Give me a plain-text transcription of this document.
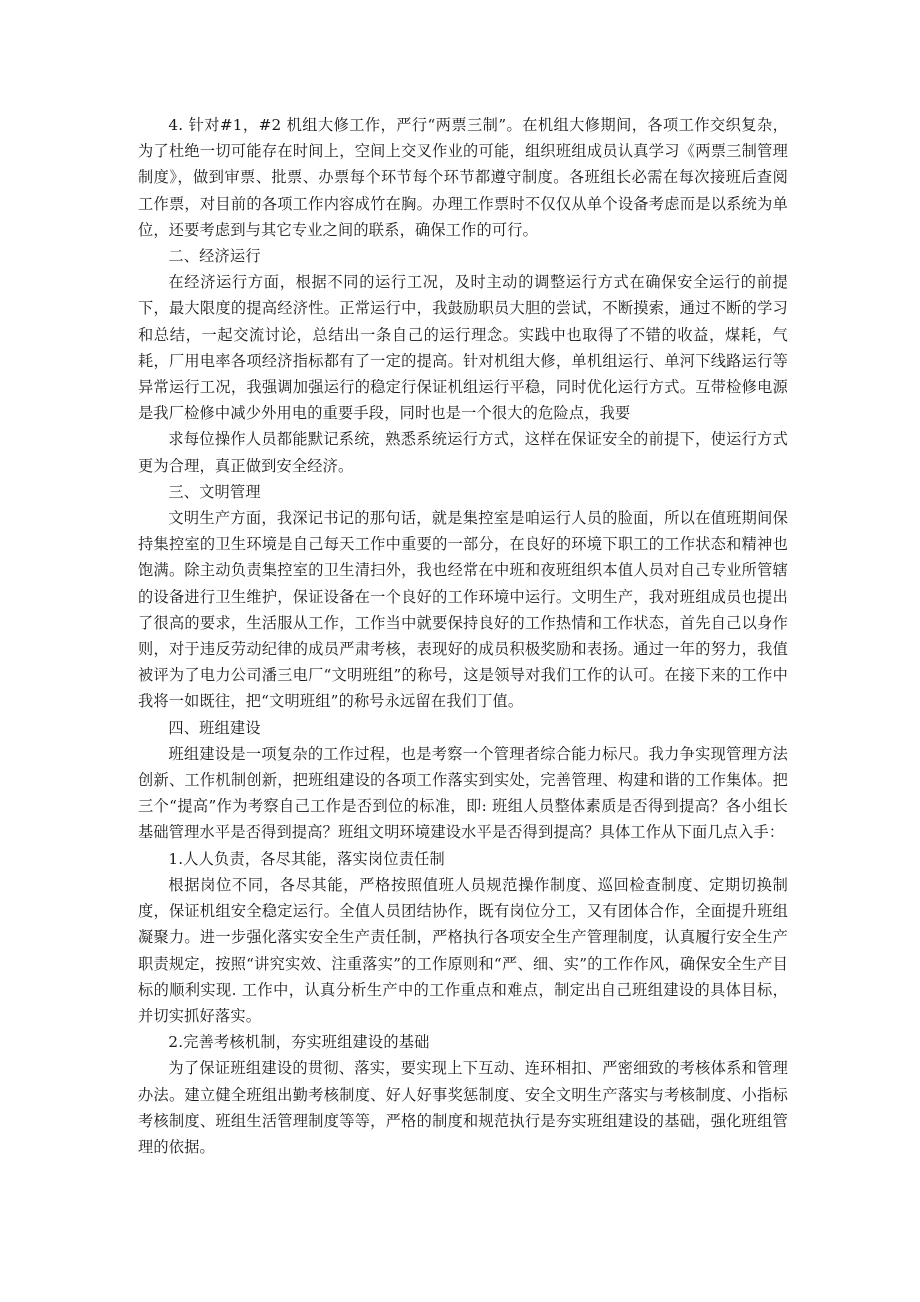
4. 针对#1，#2 机组大修工作，严行“两票三制”。在机组大修期间，各项工作交织复杂，为了杜绝一切可能存在时间上，空间上交叉作业的可能，组织班组成员认真学习《两票三制管理制度》，做到审票、批票、办票每个环节每个环节都遵守制度。各班组长必需在每次接班后查阅工作票，对目前的各项工作内容成竹在胸。办理工作票时不仅仅从单个设备考虑而是以系统为单位，还要考虑到与其它专业之间的联系，确保工作的可行。

二、经济运行

在经济运行方面，根据不同的运行工况，及时主动的调整运行方式在确保安全运行的前提下，最大限度的提高经济性。正常运行中，我鼓励职员大胆的尝试，不断摸索，通过不断的学习和总结，一起交流讨论，总结出一条自己的运行理念。实践中也取得了不错的收益，煤耗，气耗，厂用电率各项经济指标都有了一定的提高。针对机组大修，单机组运行、单河下线路运行等异常运行工况，我强调加强运行的稳定行保证机组运行平稳，同时优化运行方式。互带检修电源是我厂检修中减少外用电的重要手段，同时也是一个很大的危险点，我要

求每位操作人员都能默记系统，熟悉系统运行方式，这样在保证安全的前提下，使运行方式更为合理，真正做到安全经济。

三、文明管理

文明生产方面，我深记书记的那句话，就是集控室是咱运行人员的脸面，所以在值班期间保持集控室的卫生环境是自己每天工作中重要的一部分，在良好的环境下职工的工作状态和精神也饱满。除主动负责集控室的卫生清扫外，我也经常在中班和夜班组织本值人员对自己专业所管辖的设备进行卫生维护，保证设备在一个良好的工作环境中运行。文明生产，我对班组成员也提出了很高的要求，生活服从工作，工作当中就要保持良好的工作热情和工作状态，首先自己以身作则，对于违反劳动纪律的成员严肃考核，表现好的成员积极奖励和表扬。通过一年的努力，我值被评为了电力公司潘三电厂“文明班组”的称号，这是领导对我们工作的认可。在接下来的工作中我将一如既往，把“文明班组”的称号永远留在我们丁值。

四、班组建设

班组建设是一项复杂的工作过程，也是考察一个管理者综合能力标尺。我力争实现管理方法创新、工作机制创新，把班组建设的各项工作落实到实处，完善管理、构建和谐的工作集体。把三个“提高”作为考察自己工作是否到位的标准，即: 班组人员整体素质是否得到提高？各小组长基础管理水平是否得到提高？班组文明环境建设水平是否得到提高？具体工作从下面几点入手：

1.人人负责，各尽其能，落实岗位责任制

根据岗位不同，各尽其能，严格按照值班人员规范操作制度、巡回检查制度、定期切换制度，保证机组安全稳定运行。全值人员团结协作，既有岗位分工，又有团体合作，全面提升班组凝聚力。进一步强化落实安全生产责任制，严格执行各项安全生产管理制度，认真履行安全生产职责规定，按照“讲究实效、注重落实”的工作原则和“严、细、实”的工作作风，确保安全生产目标的顺利实现. 工作中，认真分析生产中的工作重点和难点，制定出自己班组建设的具体目标，并切实抓好落实。

2.完善考核机制，夯实班组建设的基础

为了保证班组建设的贯彻、落实，要实现上下互动、连环相扣、严密细致的考核体系和管理办法。建立健全班组出勤考核制度、好人好事奖惩制度、安全文明生产落实与考核制度、小指标考核制度、班组生活管理制度等等，严格的制度和规范执行是夯实班组建设的基础，强化班组管理的依据。
